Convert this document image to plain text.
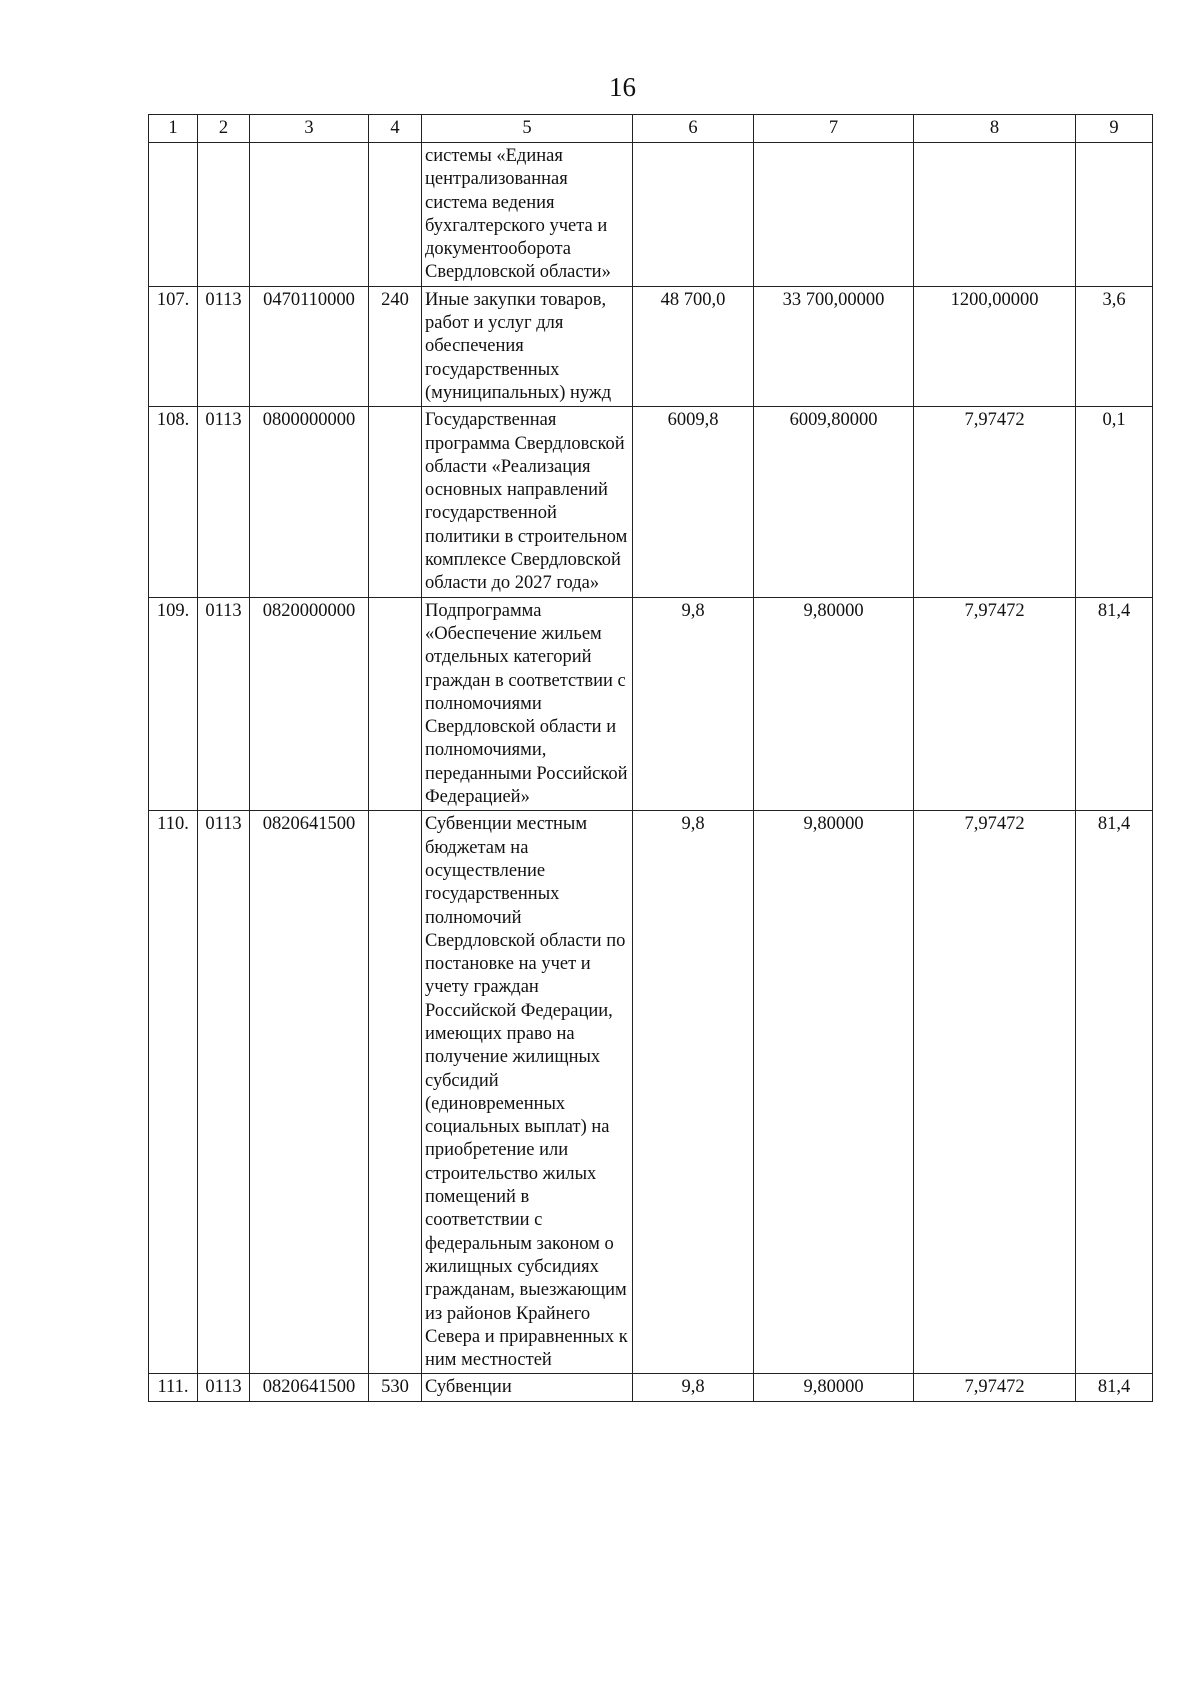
16
1	2	3	4	5	6	7	8	9
				системы «Единая централизованная система ведения бухгалтерского учета и документооборота Свердловской области»				
107.	0113	0470110000	240	Иные закупки товаров, работ и услуг для обеспечения государственных (муниципальных) нужд	48 700,0	33 700,00000	1200,00000	3,6
108.	0113	0800000000		Государственная программа Свердловской области «Реализация основных направлений государственной политики в строительном комплексе Свердловской области до 2027 года»	6009,8	6009,80000	7,97472	0,1
109.	0113	0820000000		Подпрограмма «Обеспечение жильем отдельных категорий граждан в соответствии с полномочиями Свердловской области и полномочиями, переданными Российской Федерацией»	9,8	9,80000	7,97472	81,4
110.	0113	0820641500		Субвенции местным бюджетам на осуществление государственных полномочий Свердловской области по постановке на учет и учету граждан Российской Федерации, имеющих право на получение жилищных субсидий (единовременных социальных выплат) на приобретение или строительство жилых помещений в соответствии с федеральным законом о жилищных субсидиях гражданам, выезжающим из районов Крайнего Севера и приравненных к ним местностей	9,8	9,80000	7,97472	81,4
111.	0113	0820641500	530	Субвенции	9,8	9,80000	7,97472	81,4
